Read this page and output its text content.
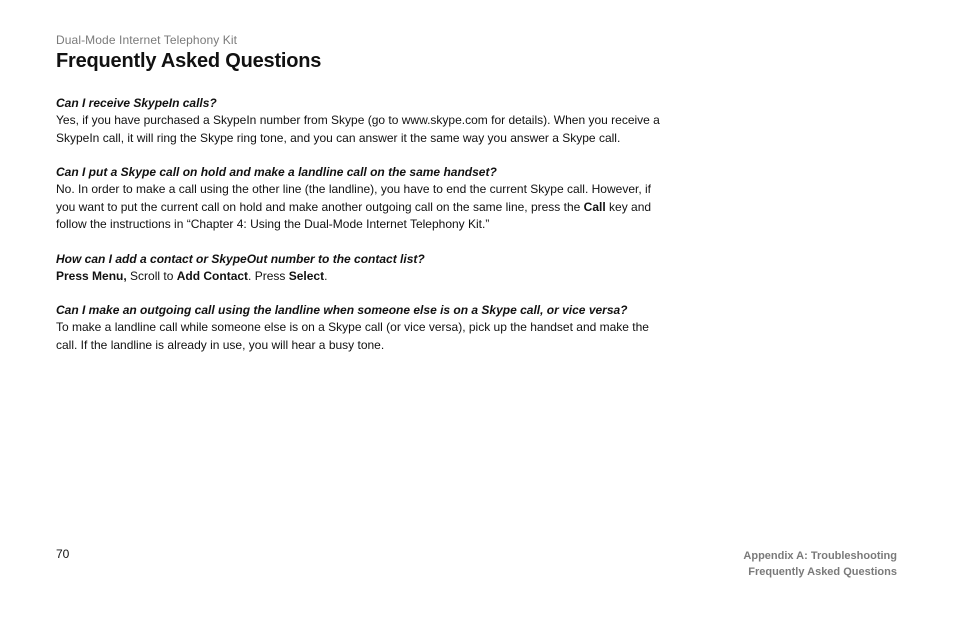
Dual-Mode Internet Telephony Kit
Frequently Asked Questions

Can I receive SkypeIn calls?

Yes, if you have purchased a SkypeIn number from Skype (go to www.skype.com for details). When you receive a
SkypeIn call, it will ring the Skype ring tone, and you can answer it the same way you answer a Skype call.

Can I put a Skype call on hold and make a landline call on the same handset?

No. In order to make a call using the other line (the landline), you have to end the current Skype call. However, if
you want to put the current call on hold and make another outgoing call on the same line, press the Call key and
follow the instructions in “Chapter 4: Using the Dual-Mode Internet Telephony Kit.”

How can I add a contact or SkypeOut number to the contact list?

Press Menu, Scroll to Add Contact. Press Select.

Can I make an outgoing call using the landline when someone else is on a Skype call, or vice versa?

To make a landline call while someone else is on a Skype call (or vice versa), pick up the handset and make the
call. If the landline is already in use, you will hear a busy tone.

70	Appendix A: Troubleshooting
Frequently Asked Questions
